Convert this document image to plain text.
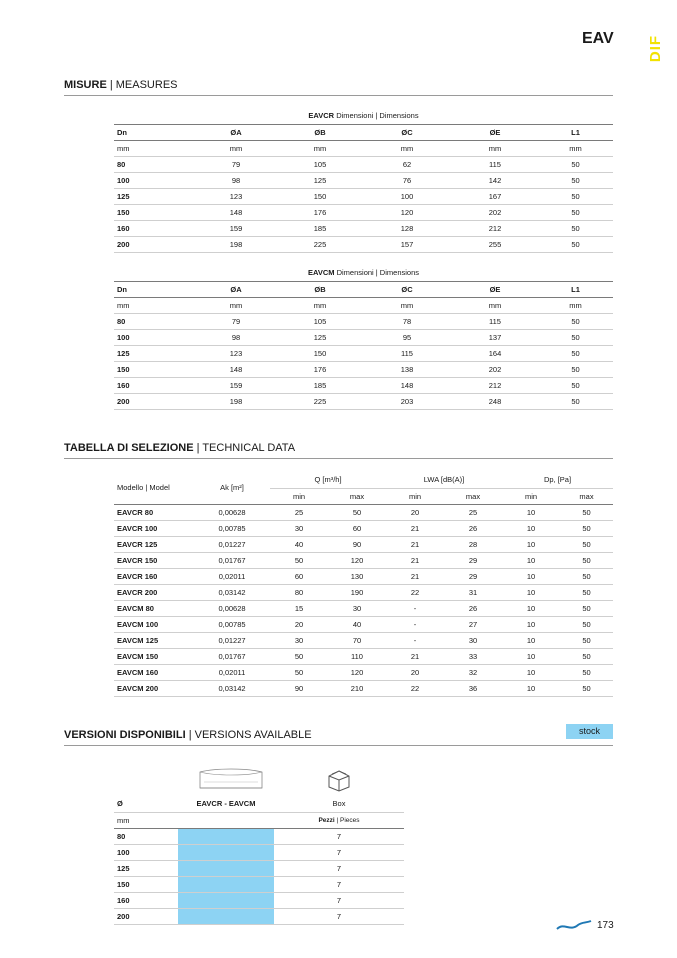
EAV DIF
MISURE | MEASURES
EAVCR Dimensioni | Dimensions					
Dn	ØA	ØB	ØC	ØE	L1
mm	mm	mm	mm	mm	mm
80	79	105	62	115	50
100	98	125	76	142	50
125	123	150	100	167	50
150	148	176	120	202	50
160	159	185	128	212	50
200	198	225	157	255	50
EAVCM Dimensioni | Dimensions					
Dn	ØA	ØB	ØC	ØE	L1
mm	mm	mm	mm	mm	mm
80	79	105	78	115	50
100	98	125	95	137	50
125	123	150	115	164	50
150	148	176	138	202	50
160	159	185	148	212	50
200	198	225	203	248	50
TABELLA DI SELEZIONE | TECHNICAL DATA
Modello | Model	Ak [m²]	Q [m³/h]		LWA [dB(A)]		Dp, [Pa]	
		min	max	min	max	min	max
EAVCR 80	0,00628	25	50	20	25	10	50
EAVCR 100	0,00785	30	60	21	26	10	50
EAVCR 125	0,01227	40	90	21	28	10	50
EAVCR 150	0,01767	50	120	21	29	10	50
EAVCR 160	0,02011	60	130	21	29	10	50
EAVCR 200	0,03142	80	190	22	31	10	50
EAVCM 80	0,00628	15	30	-	26	10	50
EAVCM 100	0,00785	20	40	-	27	10	50
EAVCM 125	0,01227	30	70	-	30	10	50
EAVCM 150	0,01767	50	110	21	33	10	50
EAVCM 160	0,02011	50	120	20	32	10	50
EAVCM 200	0,03142	90	210	22	36	10	50
stock
VERSIONI DISPONIBILI | VERSIONS AVAILABLE
Ø	EAVCR - EAVCM	Box
mm		Pezzi | Pieces
80		7
100		7
125		7
150		7
160		7
200		7
173
